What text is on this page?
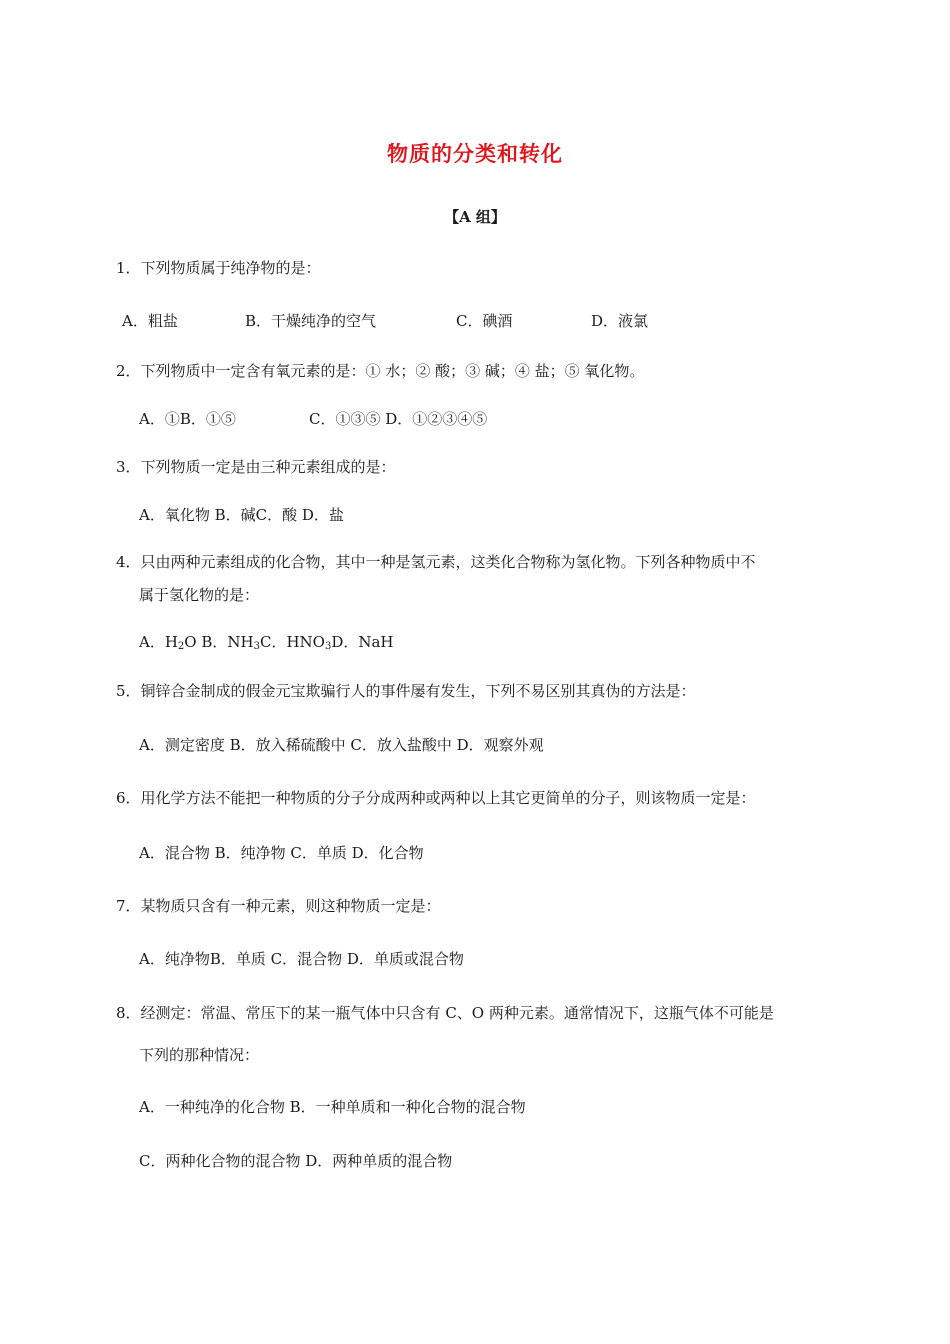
物质的分类和转化
【A 组】
1．下列物质属于纯净物的是：
A．粗盐	B．干燥纯净的空气	C．碘酒	D．液氯
2．下列物质中一定含有氧元素的是：① 水；② 酸；③ 碱；④ 盐；⑤ 氧化物。
A．①B．①⑤	C．①③⑤ D．①②③④⑤
3．下列物质一定是由三种元素组成的是：
A．氧化物 B．碱C．酸 D．盐
4．只由两种元素组成的化合物，其中一种是氢元素，这类化合物称为氢化物。下列各种物质中不
属于氢化物的是：
A．$H_2O$ B．$NH_3C$．$HNO_3D$．NaH
5．铜锌合金制成的假金元宝欺骗行人的事件屡有发生，下列不易区别其真伪的方法是：
A．测定密度 B．放入稀硫酸中 C．放入盐酸中 D．观察外观
6．用化学方法不能把一种物质的分子分成两种或两种以上其它更简单的分子，则该物质一定是：
A．混合物 B．纯净物 C．单质 D．化合物
7．某物质只含有一种元素，则这种物质一定是：
A．纯净物B．单质 C．混合物 D．单质或混合物
8．经测定：常温、常压下的某一瓶气体中只含有 C、O 两种元素。通常情况下，这瓶气体不可能是
下列的那种情况：
A．一种纯净的化合物 B．一种单质和一种化合物的混合物
C．两种化合物的混合物 D．两种单质的混合物
